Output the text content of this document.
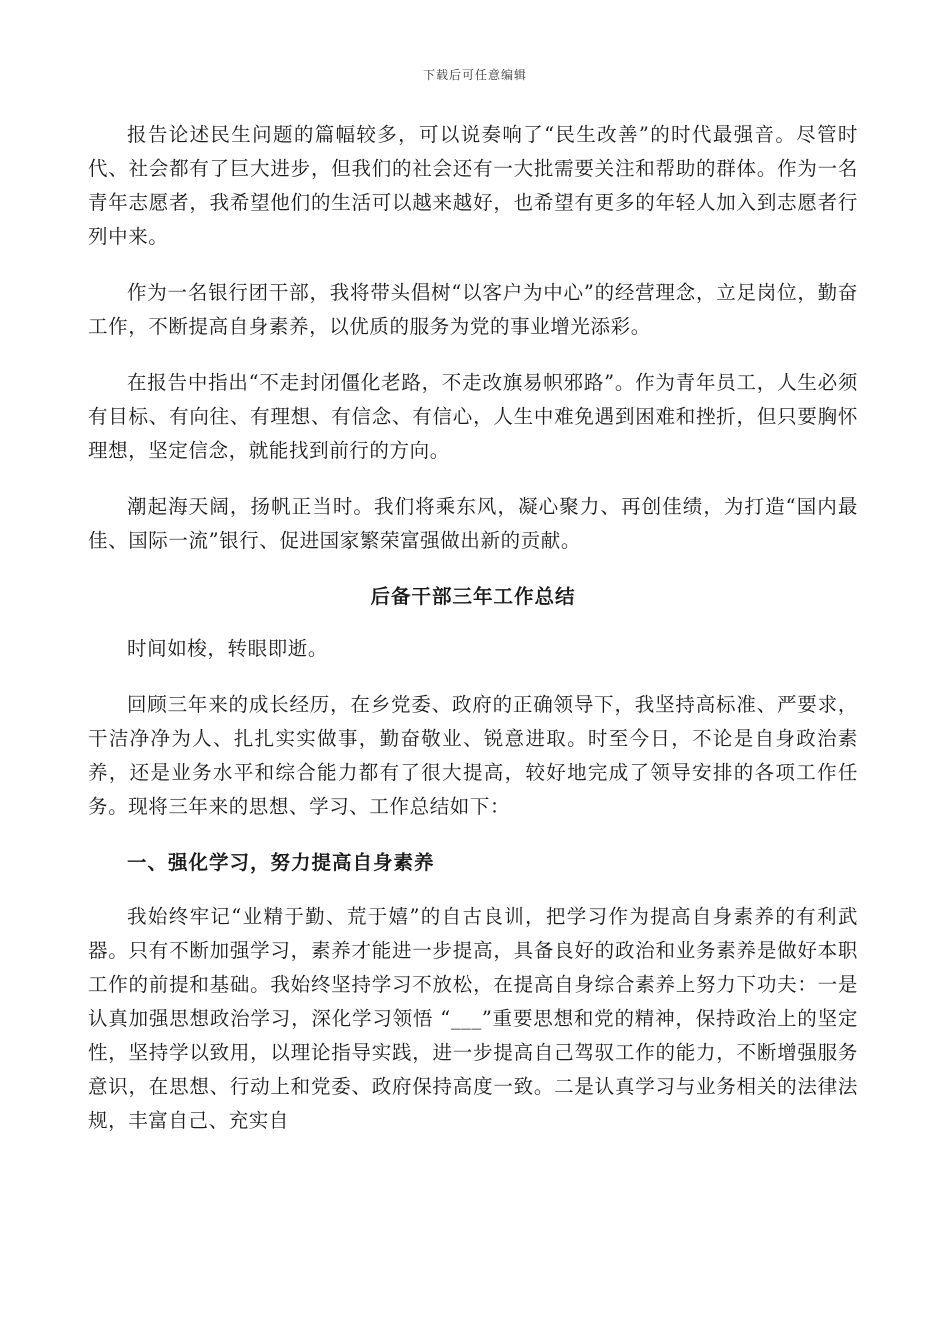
下载后可任意编辑

报告论述民生问题的篇幅较多，可以说奏响了“民生改善”的时代最强音。尽管时代、社会都有了巨大进步，但我们的社会还有一大批需要关注和帮助的群体。作为一名青年志愿者，我希望他们的生活可以越来越好，也希望有更多的年轻人加入到志愿者行列中来。

作为一名银行团干部，我将带头倡树“以客户为中心”的经营理念，立足岗位，勤奋工作，不断提高自身素养，以优质的服务为党的事业增光添彩。

在报告中指出“不走封闭僵化老路，不走改旗易帜邪路”。作为青年员工，人生必须有目标、有向往、有理想、有信念、有信心，人生中难免遇到困难和挫折，但只要胸怀理想，坚定信念，就能找到前行的方向。

潮起海天阔，扬帆正当时。我们将乘东风，凝心聚力、再创佳绩，为打造“国内最佳、国际一流”银行、促进国家繁荣富强做出新的贡献。

后备干部三年工作总结

时间如梭，转眼即逝。

回顾三年来的成长经历，在乡党委、政府的正确领导下，我坚持高标准、严要求，干洁净净为人、扎扎实实做事，勤奋敬业、锐意进取。时至今日，不论是自身政治素养，还是业务水平和综合能力都有了很大提高，较好地完成了领导安排的各项工作任务。现将三年来的思想、学习、工作总结如下：

一、强化学习，努力提高自身素养

我始终牢记“业精于勤、荒于嬉”的自古良训，把学习作为提高自身素养的有利武器。只有不断加强学习，素养才能进一步提高，具备良好的政治和业务素养是做好本职工作的前提和基础。我始终坚持学习不放松，在提高自身综合素养上努力下功夫：一是认真加强思想政治学习，深化学习领悟 “___”重要思想和党的精神，保持政治上的坚定性，坚持学以致用，以理论指导实践，进一步提高自己驾驭工作的能力，不断增强服务意识，在思想、行动上和党委、政府保持高度一致。二是认真学习与业务相关的法律法规，丰富自己、充实自
